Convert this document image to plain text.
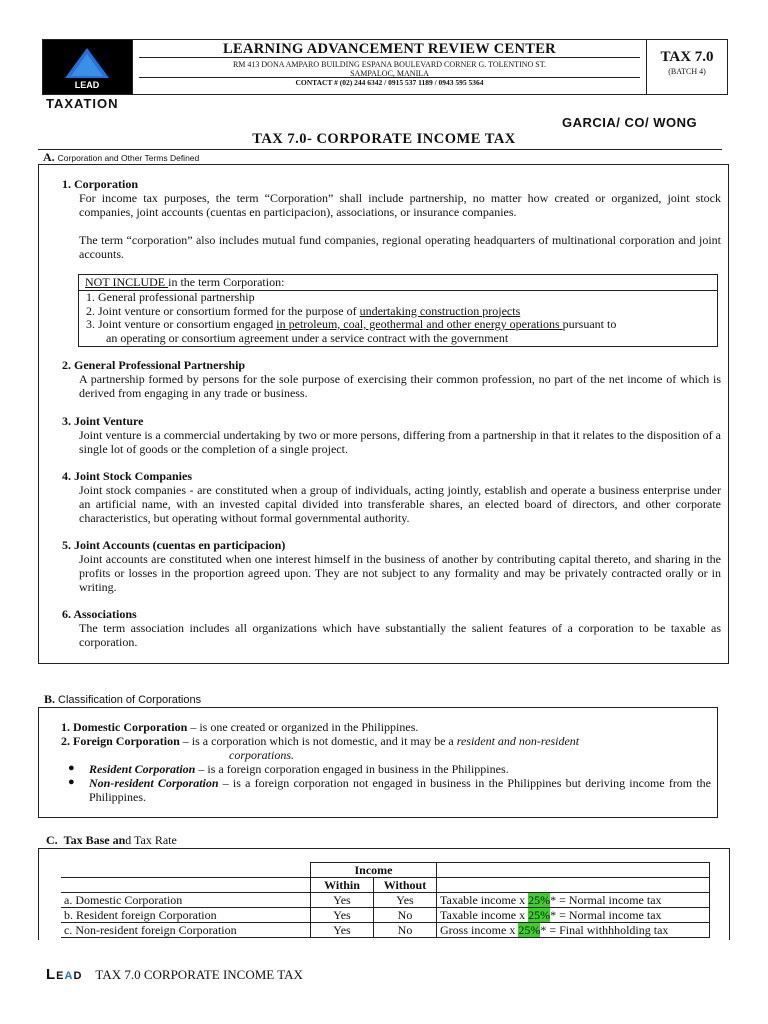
LEAD
LEARNING ADVANCEMENT REVIEW CENTER
RM 413 DONA AMPARO BUILDING ESPANA BOULEVARD CORNER G. TOLENTINO ST.
SAMPALOC, MANILA
CONTACT # (02) 244 6342 / 0915 537 1189 / 0943 595 5364
TAX 7.0
(BATCH 4)
TAXATION
GARCIA/ CO/ WONG
TAX 7.0- CORPORATE INCOME TAX
A. Corporation and Other Terms Defined
1. Corporation
For income tax purposes, the term “Corporation” shall include partnership, no matter how created or organized, joint stock companies, joint accounts (cuentas en participacion), associations, or insurance companies.
The term “corporation” also includes mutual fund companies, regional operating headquarters of multinational corporation and joint accounts.
NOT INCLUDE in the term Corporation:
1. General professional partnership
2. Joint venture or consortium formed for the purpose of undertaking construction projects
3. Joint venture or consortium engaged in petroleum, coal, geothermal and other energy operations pursuant to
an operating or consortium agreement under a service contract with the government
2. General Professional Partnership
A partnership formed by persons for the sole purpose of exercising their common profession, no part of the net income of which is derived from engaging in any trade or business.
3. Joint Venture
Joint venture is a commercial undertaking by two or more persons, differing from a partnership in that it relates to the disposition of a single lot of goods or the completion of a single project.
4. Joint Stock Companies
Joint stock companies - are constituted when a group of individuals, acting jointly, establish and operate a business enterprise under an artificial name, with an invested capital divided into transferable shares, an elected board of directors, and other corporate characteristics, but operating without formal governmental authority.
5. Joint Accounts (cuentas en participacion)
Joint accounts are constituted when one interest himself in the business of another by contributing capital thereto, and sharing in the profits or losses in the proportion agreed upon. They are not subject to any formality and may be privately contracted orally or in writing.
6. Associations
The term association includes all organizations which have substantially the salient features of a corporation to be taxable as corporation.
B. Classification of Corporations
1. Domestic Corporation – is one created or organized in the Philippines.
2. Foreign Corporation – is a corporation which is not domestic, and it may be a resident and non-resident
corporations.
● Resident Corporation – is a foreign corporation engaged in business in the Philippines.
● Non-resident Corporation – is a foreign corporation not engaged in business in the Philippines but deriving income from the Philippines.
C. Tax Base and Tax Rate
	Income		
	Within	Without	
a. Domestic Corporation	Yes	Yes	Taxable income x 25%* = Normal income tax
b. Resident foreign Corporation	Yes	No	Taxable income x 25%* = Normal income tax
c. Non-resident foreign Corporation	Yes	No	Gross income x 25%* = Final withhholding tax
LEAD TAX 7.0 CORPORATE INCOME TAX
